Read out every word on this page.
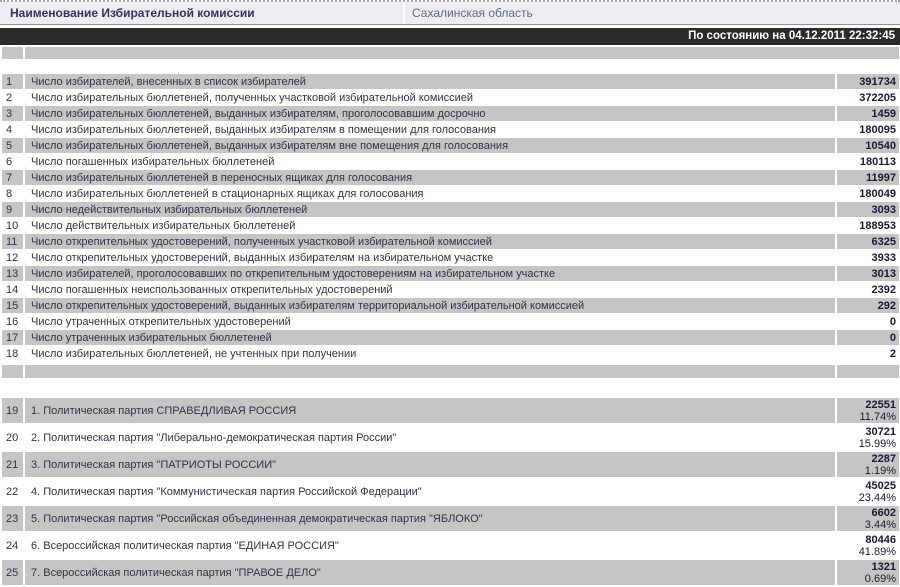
Наименование Избирательной комиссии	Сахалинская область
По состоянию на 04.12.2011 22:32:45
1	Число избирателей, внесенных в список избирателей	391734
2	Число избирательных бюллетеней, полученных участковой избирательной комиссией	372205
3	Число избирательных бюллетеней, выданных избирателям, проголосовавшим досрочно	1459
4	Число избирательных бюллетеней, выданных избирателям в помещении для голосования	180095
5	Число избирательных бюллетеней, выданных избирателям вне помещения для голосования	10540
6	Число погашенных избирательных бюллетеней	180113
7	Число избирательных бюллетеней в переносных ящиках для голосования	11997
8	Число избирательных бюллетеней в стационарных ящиках для голосования	180049
9	Число недействительных избирательных бюллетеней	3093
10	Число действительных избирательных бюллетеней	188953
11	Число открепительных удостоверений, полученных участковой избирательной комиссией	6325
12	Число открепительных удостоверений, выданных избирателям на избирательном участке	3933
13	Число избирателей, проголосовавших по открепительным удостоверениям на избирательном участке	3013
14	Число погашенных неиспользованных открепительных удостоверений	2392
15	Число открепительных удостоверений, выданных избирателям территориальной избирательной комиссией	292
16	Число утраченных открепительных удостоверений	0
17	Число утраченных избирательных бюллетеней	0
18	Число избирательных бюллетеней, не учтенных при получении	2
19	1. Политическая партия СПРАВЕДЛИВАЯ РОССИЯ	22551
11.74%
20	2. Политическая партия "Либерально-демократическая партия России"	30721
15.99%
21	3. Политическая партия "ПАТРИОТЫ РОССИИ"	2287
1.19%
22	4. Политическая партия "Коммунистическая партия Российской Федерации"	45025
23.44%
23	5. Политическая партия "Российская объединенная демократическая партия "ЯБЛОКО"	6602
3.44%
24	6. Всероссийская политическая партия "ЕДИНАЯ РОССИЯ"	80446
41.89%
25	7. Всероссийская политическая партия "ПРАВОЕ ДЕЛО"	1321
0.69%
